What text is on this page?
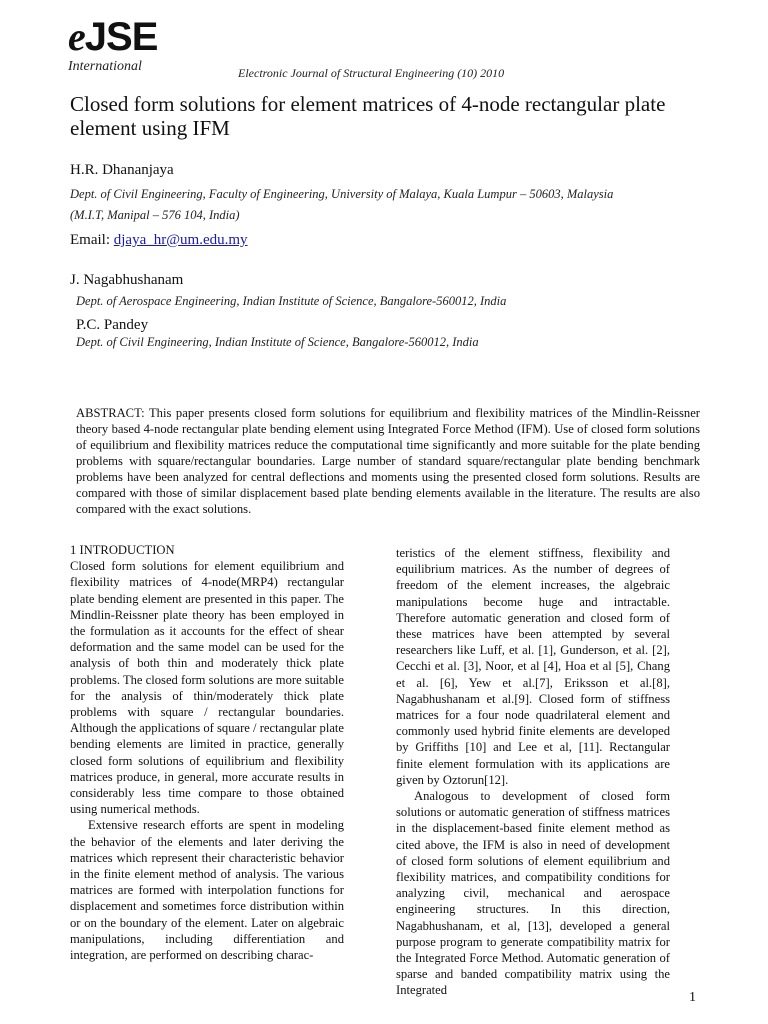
eJSE
International	Electronic Journal of Structural Engineering (10) 2010
Closed form solutions for element matrices of 4-node rectangular plate element using IFM
H.R. Dhananjaya
Dept. of Civil Engineering, Faculty of Engineering, University of Malaya, Kuala Lumpur – 50603, Malaysia
(M.I.T, Manipal – 576 104, India)
Email: djaya_hr@um.edu.my
J. Nagabhushanam
Dept. of Aerospace Engineering, Indian Institute of Science, Bangalore-560012, India
P.C. Pandey
Dept. of Civil Engineering, Indian Institute of Science, Bangalore-560012, India
ABSTRACT: This paper presents closed form solutions for equilibrium and flexibility matrices of the Mindlin-Reissner theory based 4-node rectangular plate bending element using Integrated Force Method (IFM). Use of closed form solutions of equilibrium and flexibility matrices reduce the computational time significantly and more suitable for the plate bending problems with square/rectangular boundaries. Large number of standard square/rectangular plate bending benchmark problems have been analyzed for central deflections and moments using the presented closed form solutions. Results are compared with those of similar displacement based plate bending elements available in the literature. The results are also compared with the exact solutions.

1 INTRODUCTION

Closed form solutions for element equilibrium and flexibility matrices of 4-node(MRP4) rectangular plate bending element are presented in this paper. The Mindlin-Reissner plate theory has been employed in the formulation as it accounts for the effect of shear deformation and the same model can be used for the analysis of both thin and moderately thick plate problems. The closed form solutions are more suitable for the analysis of thin/moderately thick plate problems with square / rectangular boundaries. Although the applications of square / rectangular plate bending elements are limited in practice, generally closed form solutions of equilibrium and flexibility matrices produce, in general, more accurate results in considerably less time compare to those obtained using numerical methods.

Extensive research efforts are spent in modeling the behavior of the elements and later deriving the matrices which represent their characteristic behavior in the finite element method of analysis. The various matrices are formed with interpolation functions for displacement and sometimes force distribution within or on the boundary of the element. Later on algebraic manipulations, including differentiation and integration, are performed on describing charac-

teristics of the element stiffness, flexibility and equilibrium matrices. As the number of degrees of freedom of the element increases, the algebraic manipulations become huge and intractable. Therefore automatic generation and closed form of these matrices have been attempted by several researchers like Luff, et al. [1], Gunderson, et al. [2], Cecchi et al. [3], Noor, et al [4], Hoa et al [5], Chang et al. [6], Yew et al.[7], Eriksson et al.[8], Nagabhushanam et al.[9]. Closed form of stiffness matrices for a four node quadrilateral element and commonly used hybrid finite elements are developed by Griffiths [10] and Lee et al, [11]. Rectangular finite element formulation with its applications are given by Oztorun[12].

Analogous to development of closed form solutions or automatic generation of stiffness matrices in the displacement-based finite element method as cited above, the IFM is also in need of development of closed form solutions of element equilibrium and flexibility matrices, and compatibility conditions for analyzing civil, mechanical and aerospace engineering structures. In this direction, Nagabhushanam, et al, [13], developed a general purpose program to generate compatibility matrix for the Integrated Force Method. Automatic generation of sparse and banded compatibility matrix using the Integrated	1
